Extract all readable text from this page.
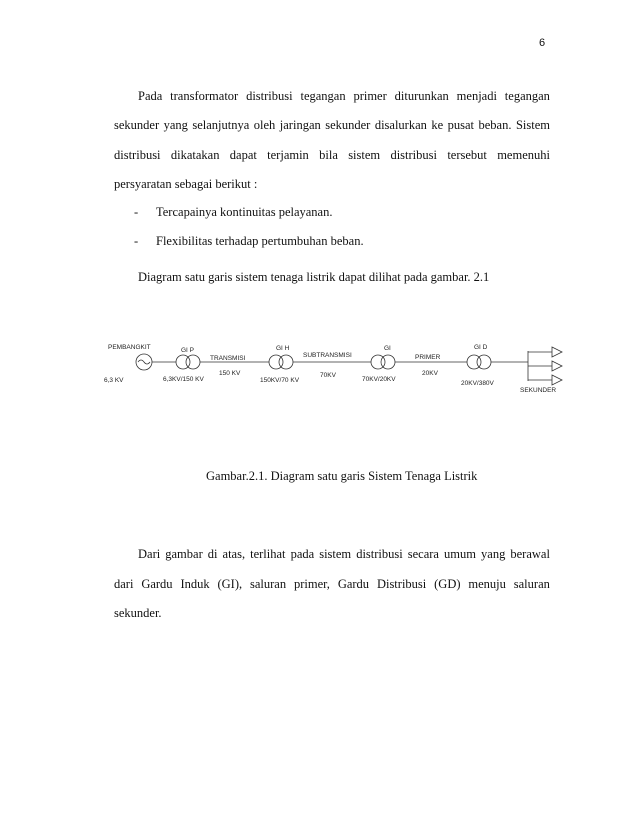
6
Pada transformator distribusi tegangan primer diturunkan menjadi tegangan
sekunder yang selanjutnya oleh jaringan sekunder disalurkan ke pusat beban. Sistem
distribusi dikatakan dapat terjamin bila sistem distribusi tersebut memenuhi
persyaratan sebagai berikut :
- Tercapainya kontinuitas pelayanan.
- Flexibilitas terhadap pertumbuhan beban.
Diagram satu garis sistem tenaga listrik dapat dilihat pada gambar. 2.1
PEMBANGKIT
6,3 KV
GI P
6,3KV/150 KV
TRANSMISI
150 KV
GI H
150KV/70 KV
SUBTRANSMISI
70KV
GI
70KV/20KV
PRIMER
20KV
GI D
20KV/380V
SEKUNDER
Gambar.2.1. Diagram satu garis Sistem Tenaga Listrik
Dari gambar di atas, terlihat pada sistem distribusi secara umum yang berawal
dari Gardu Induk (GI), saluran primer, Gardu Distribusi (GD) menuju saluran
sekunder.
